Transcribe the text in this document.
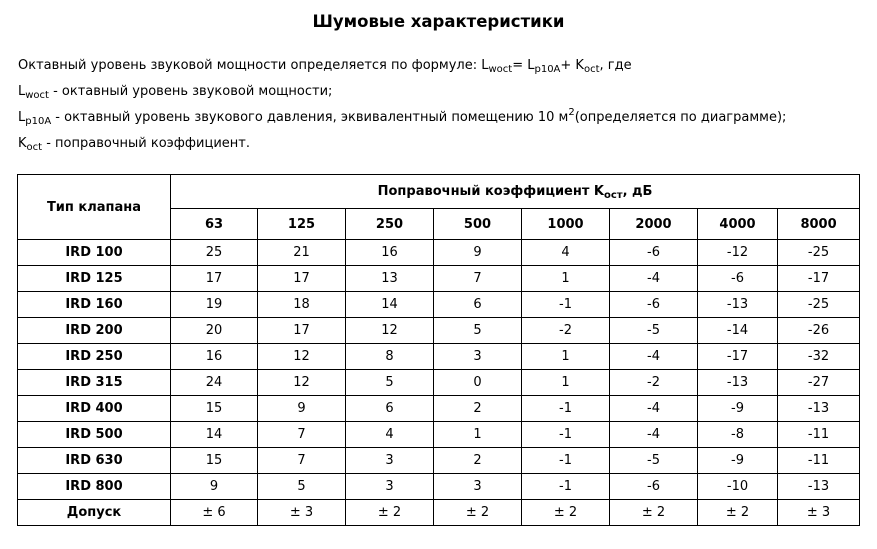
Шумовые характеристики
Октавный уровень звуковой мощности определяется по формуле: $L_{woct}= L_{p10A}+ K_{oct}$, где
$L_{woct}$ - октавный уровень звуковой мощности;
$L_{p10A}$ - октавный уровень звукового давления, эквивалентный помещению 10 $м^2(определяется$ по диаграмме);
$K_{oct}$ - поправочный коэффициент.
Тип клапана	Поправочный коэффициент $K_{ост}$, дБ							
	63	125	250	500	1000	2000	4000	8000
IRD 100	25	21	16	9	4	-6	-12	-25
IRD 125	17	17	13	7	1	-4	-6	-17
IRD 160	19	18	14	6	-1	-6	-13	-25
IRD 200	20	17	12	5	-2	-5	-14	-26
IRD 250	16	12	8	3	1	-4	-17	-32
IRD 315	24	12	5	0	1	-2	-13	-27
IRD 400	15	9	6	2	-1	-4	-9	-13
IRD 500	14	7	4	1	-1	-4	-8	-11
IRD 630	15	7	3	2	-1	-5	-9	-11
IRD 800	9	5	3	3	-1	-6	-10	-13
Допуск	± 6	± 3	± 2	± 2	± 2	± 2	± 2	± 3
